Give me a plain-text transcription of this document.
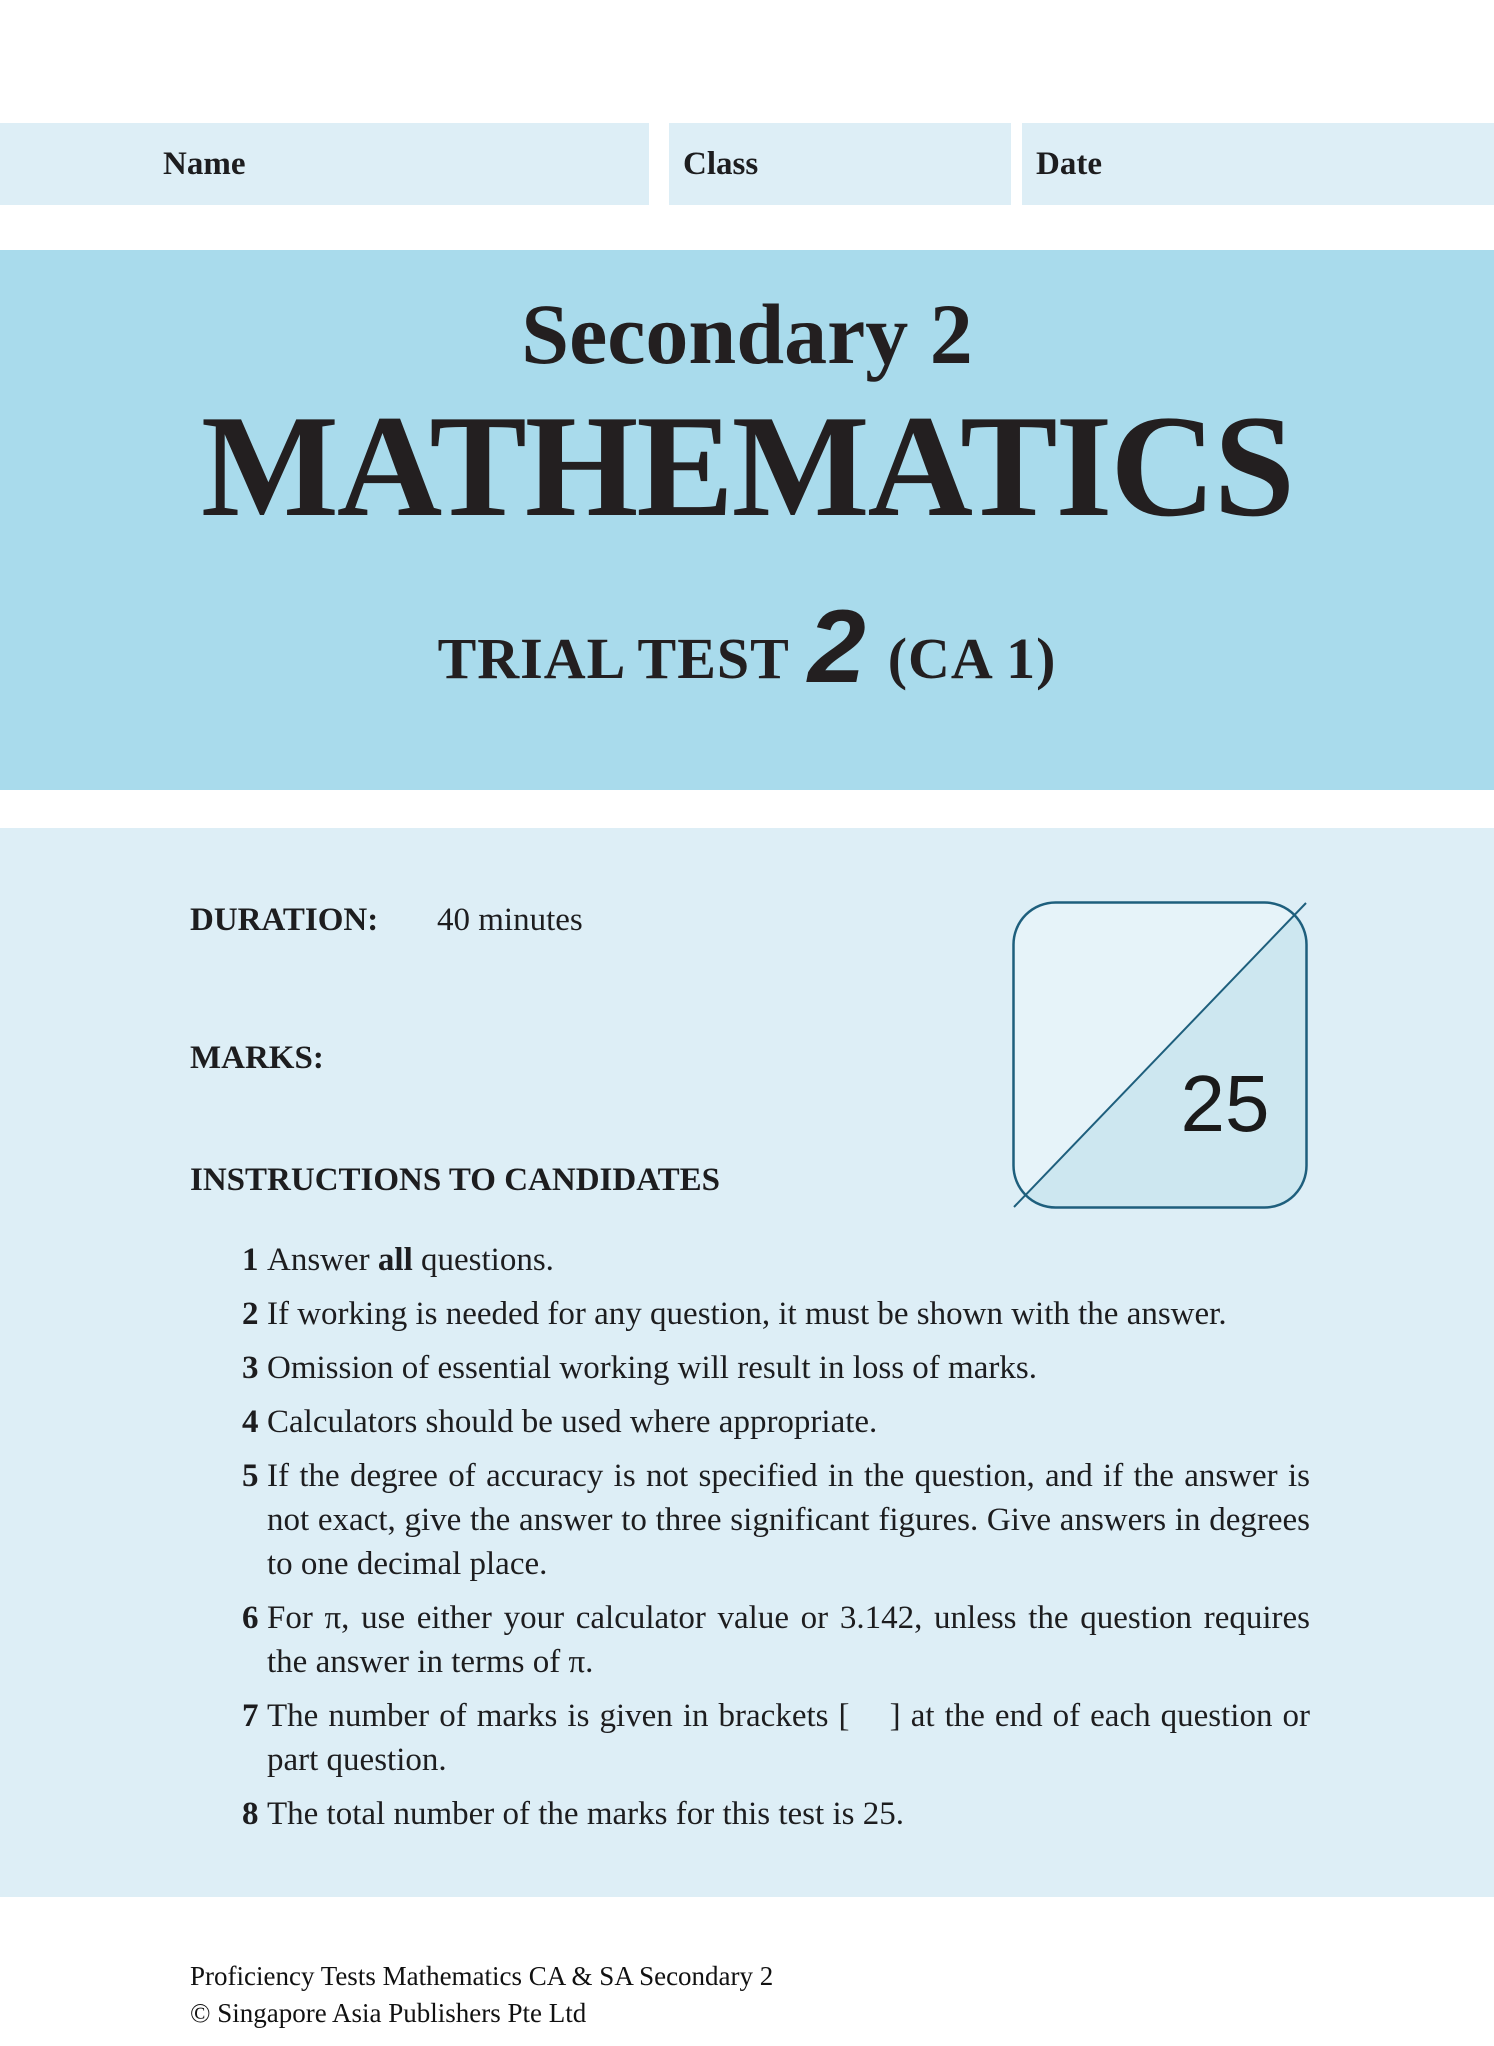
Name	Class	Date
Secondary 2
MATHEMATICS
TRIAL TEST 2 (CA 1)
DURATION: 40 minutes
MARKS:
INSTRUCTIONS TO CANDIDATES
1 Answer all questions.
2 If working is needed for any question, it must be shown with the answer.
3 Omission of essential working will result in loss of marks.
4 Calculators should be used where appropriate.
5 If the degree of accuracy is not specified in the question, and if the answer is not exact, give the answer to three significant figures. Give answers in degrees to one decimal place.
6 For π, use either your calculator value or 3.142, unless the question requires the answer in terms of π.
7 The number of marks is given in brackets [    ] at the end of each question or part question.
8 The total number of the marks for this test is 25.
25
Proficiency Tests Mathematics CA & SA Secondary 2
© Singapore Asia Publishers Pte Ltd
